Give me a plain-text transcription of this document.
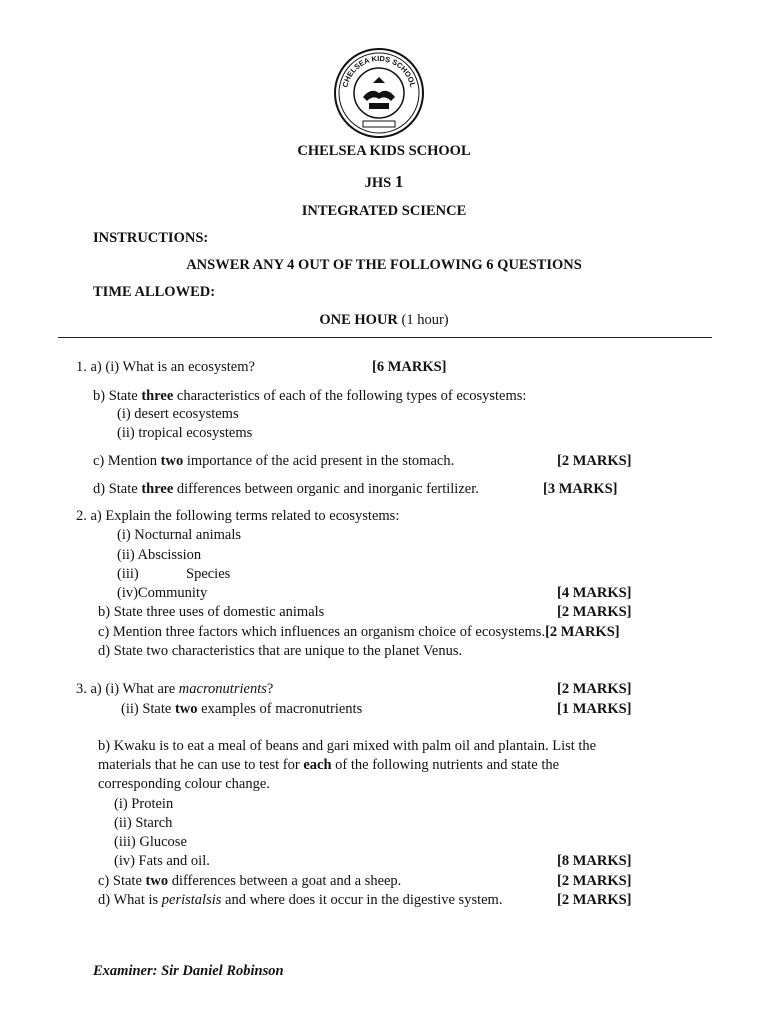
CHELSEA KIDS SCHOOL
CHELSEA KIDS SCHOOL
JHS 1
INTEGRATED SCIENCE
INSTRUCTIONS:
ANSWER ANY 4 OUT OF THE FOLLOWING 6 QUESTIONS
TIME ALLOWED:
ONE HOUR (1 hour)
1. a) (i) What is an ecosystem?	[6 MARKS]
b) State three characteristics of each of the following types of ecosystems:
(i) desert ecosystems
(ii) tropical ecosystems
c) Mention two importance of the acid present in the stomach.	[2 MARKS]
d) State three differences between organic and inorganic fertilizer.	[3 MARKS]
2. a) Explain the following terms related to ecosystems:
(i) Nocturnal animals
(ii) Abscission
(iii)	Species
(iv)Community	[4 MARKS]
b) State three uses of domestic animals	[2 MARKS]
c) Mention three factors which influences an organism choice of ecosystems.[2 MARKS]
d) State two characteristics that are unique to the planet Venus.
3. a) (i) What are macronutrients?	[2 MARKS]
(ii) State two examples of macronutrients	[1 MARKS]
b) Kwaku is to eat a meal of beans and gari mixed with palm oil and plantain. List the
materials that he can use to test for each of the following nutrients and state the
corresponding colour change.
(i) Protein
(ii) Starch
(iii) Glucose
(iv) Fats and oil.	[8 MARKS]
c) State two differences between a goat and a sheep.	[2 MARKS]
d) What is peristalsis and where does it occur in the digestive system.	[2 MARKS]
Examiner: Sir Daniel Robinson
